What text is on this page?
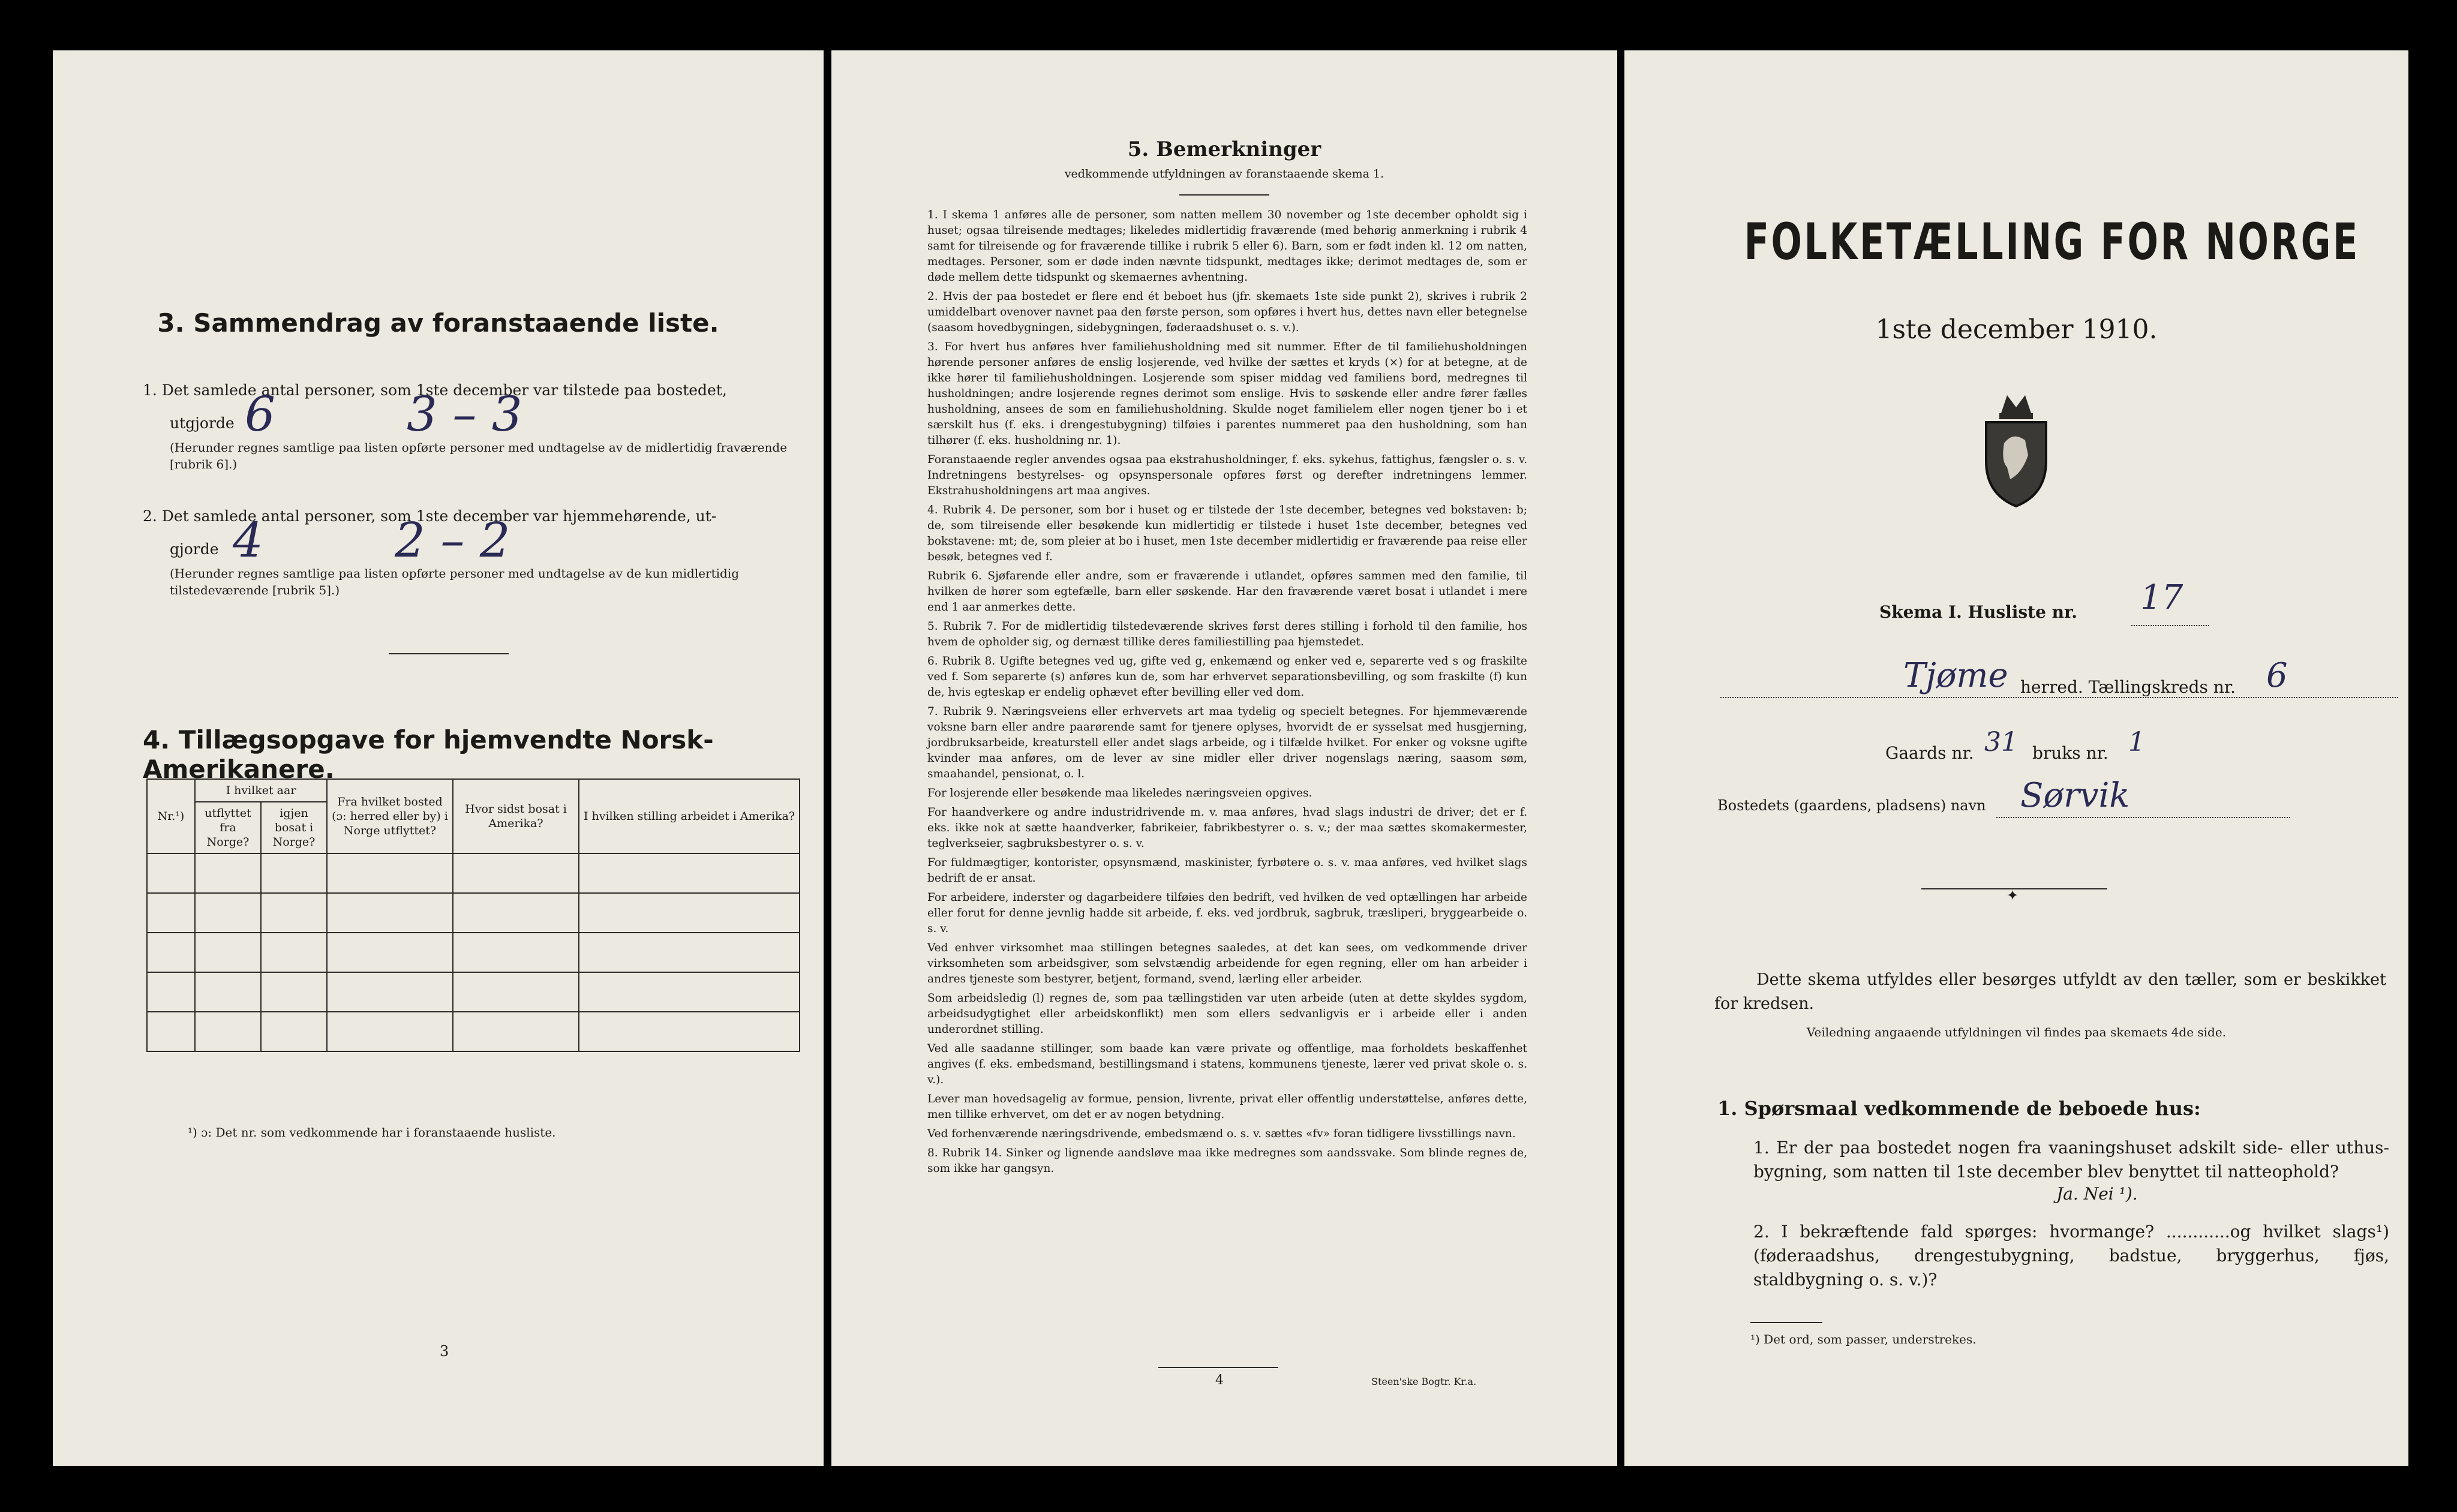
3. Sammendrag av foranstaaende liste.
1. Det samlede antal personer, som 1ste december var tilstede paa bostedet,
utgjorde 6	3 – 3
(Herunder regnes samtlige paa listen opførte personer med undtagelse av de midlertidig fraværende [rubrik 6].)
2. Det samlede antal personer, som 1ste december var hjemmehørende, ut-
gjorde 4	2 – 2
(Herunder regnes samtlige paa listen opførte personer med undtagelse av de kun midlertidig tilstedeværende [rubrik 5].)
4. Tillægsopgave for hjemvendte Norsk-Amerikanere.
Nr.¹)	I hvilket aar		Fra hvilket bosted (ɔ: herred eller by) i Norge utflyttet?	Hvor sidst bosat i Amerika?	I hvilken stilling arbeidet i Amerika?
	utflyttet fra Norge?	igjen bosat i Norge?			

¹) ɔ: Det nr. som vedkommende har i foranstaaende husliste.
3
5. Bemerkninger
vedkommende utfyldningen av foranstaaende skema 1.

1. I skema 1 anføres alle de personer, som natten mellem 30 november og 1ste december opholdt sig i huset; ogsaa tilreisende medtages; likeledes midlertidig fraværende (med behørig anmerkning i rubrik 4 samt for tilreisende og for fraværende tillike i rubrik 5 eller 6). Barn, som er født inden kl. 12 om natten, medtages. Personer, som er døde inden nævnte tidspunkt, medtages ikke; derimot medtages de, som er døde mellem dette tidspunkt og skemaernes avhentning.

2. Hvis der paa bostedet er flere end ét beboet hus (jfr. skemaets 1ste side punkt 2), skrives i rubrik 2 umiddelbart ovenover navnet paa den første person, som opføres i hvert hus, dettes navn eller betegnelse (saasom hovedbygningen, sidebygningen, føderaadshuset o. s. v.).

3. For hvert hus anføres hver familiehusholdning med sit nummer. Efter de til familiehusholdningen hørende personer anføres de enslig losjerende, ved hvilke der sættes et kryds (×) for at betegne, at de ikke hører til familiehusholdningen. Losjerende som spiser middag ved familiens bord, medregnes til husholdningen; andre losjerende regnes derimot som enslige. Hvis to søskende eller andre fører fælles husholdning, ansees de som en familiehusholdning. Skulde noget familielem eller nogen tjener bo i et særskilt hus (f. eks. i drengestubygning) tilføies i parentes nummeret paa den husholdning, som han tilhører (f. eks. husholdning nr. 1).

Foranstaaende regler anvendes ogsaa paa ekstrahusholdninger, f. eks. sykehus, fattighus, fængsler o. s. v. Indretningens bestyrelses- og opsynspersonale opføres først og derefter indretningens lemmer. Ekstrahusholdningens art maa angives.

4. Rubrik 4. De personer, som bor i huset og er tilstede der 1ste december, betegnes ved bokstaven: b; de, som tilreisende eller besøkende kun midlertidig er tilstede i huset 1ste december, betegnes ved bokstavene: mt; de, som pleier at bo i huset, men 1ste december midlertidig er fraværende paa reise eller besøk, betegnes ved f.

Rubrik 6. Sjøfarende eller andre, som er fraværende i utlandet, opføres sammen med den familie, til hvilken de hører som egtefælle, barn eller søskende. Har den fraværende været bosat i utlandet i mere end 1 aar anmerkes dette.

5. Rubrik 7. For de midlertidig tilstedeværende skrives først deres stilling i forhold til den familie, hos hvem de opholder sig, og dernæst tillike deres familiestilling paa hjemstedet.

6. Rubrik 8. Ugifte betegnes ved ug, gifte ved g, enkemænd og enker ved e, separerte ved s og fraskilte ved f. Som separerte (s) anføres kun de, som har erhvervet separationsbevilling, og som fraskilte (f) kun de, hvis egteskap er endelig ophævet efter bevilling eller ved dom.

7. Rubrik 9. Næringsveiens eller erhvervets art maa tydelig og specielt betegnes. For hjemmeværende voksne barn eller andre paarørende samt for tjenere oplyses, hvorvidt de er sysselsat med husgjerning, jordbruksarbeide, kreaturstell eller andet slags arbeide, og i tilfælde hvilket. For enker og voksne ugifte kvinder maa anføres, om de lever av sine midler eller driver nogenslags næring, saasom søm, smaahandel, pensionat, o. l.

For losjerende eller besøkende maa likeledes næringsveien opgives.

For haandverkere og andre industridrivende m. v. maa anføres, hvad slags industri de driver; det er f. eks. ikke nok at sætte haandverker, fabrikeier, fabrikbestyrer o. s. v.; der maa sættes skomakermester, teglverkseier, sagbruksbestyrer o. s. v.

For fuldmægtiger, kontorister, opsynsmænd, maskinister, fyrbøtere o. s. v. maa anføres, ved hvilket slags bedrift de er ansat.

For arbeidere, inderster og dagarbeidere tilføies den bedrift, ved hvilken de ved optællingen har arbeide eller forut for denne jevnlig hadde sit arbeide, f. eks. ved jordbruk, sagbruk, træsliperi, bryggearbeide o. s. v.

Ved enhver virksomhet maa stillingen betegnes saaledes, at det kan sees, om vedkommende driver virksomheten som arbeidsgiver, som selvstændig arbeidende for egen regning, eller om han arbeider i andres tjeneste som bestyrer, betjent, formand, svend, lærling eller arbeider.

Som arbeidsledig (l) regnes de, som paa tællingstiden var uten arbeide (uten at dette skyldes sygdom, arbeidsudygtighet eller arbeidskonflikt) men som ellers sedvanligvis er i arbeide eller i anden underordnet stilling.

Ved alle saadanne stillinger, som baade kan være private og offentlige, maa forholdets beskaffenhet angives (f. eks. embedsmand, bestillingsmand i statens, kommunens tjeneste, lærer ved privat skole o. s. v.).

Lever man hovedsagelig av formue, pension, livrente, privat eller offentlig understøttelse, anføres dette, men tillike erhvervet, om det er av nogen betydning.

Ved forhenværende næringsdrivende, embedsmænd o. s. v. sættes «fv» foran tidligere livsstillings navn.

8. Rubrik 14. Sinker og lignende aandsløve maa ikke medregnes som aandssvake. Som blinde regnes de, som ikke har gangsyn.

4	Steen'ske Bogtr. Kr.a.
FOLKETÆLLING FOR NORGE
1ste december 1910.
Skema I. Husliste nr. 17
Tjøme herred. Tællingskreds nr. 6
Gaards nr. 31 bruks nr. 1
Bostedets (gaardens, pladsens) navn Sørvik
✦
Dette skema utfyldes eller besørges utfyldt av den tæller, som er beskikket for kredsen.
Veiledning angaaende utfyldningen vil findes paa skemaets 4de side.
1. Spørsmaal vedkommende de beboede hus:
1. Er der paa bostedet nogen fra vaaningshuset adskilt side- eller uthus-bygning, som natten til 1ste december blev benyttet til natteophold?
Ja. Nei ¹).
2. I bekræftende fald spørges: hvormange? ............og hvilket slags¹) (føderaadshus, drengestubygning, badstue, bryggerhus, fjøs, staldbygning o. s. v.)?
¹) Det ord, som passer, understrekes.
